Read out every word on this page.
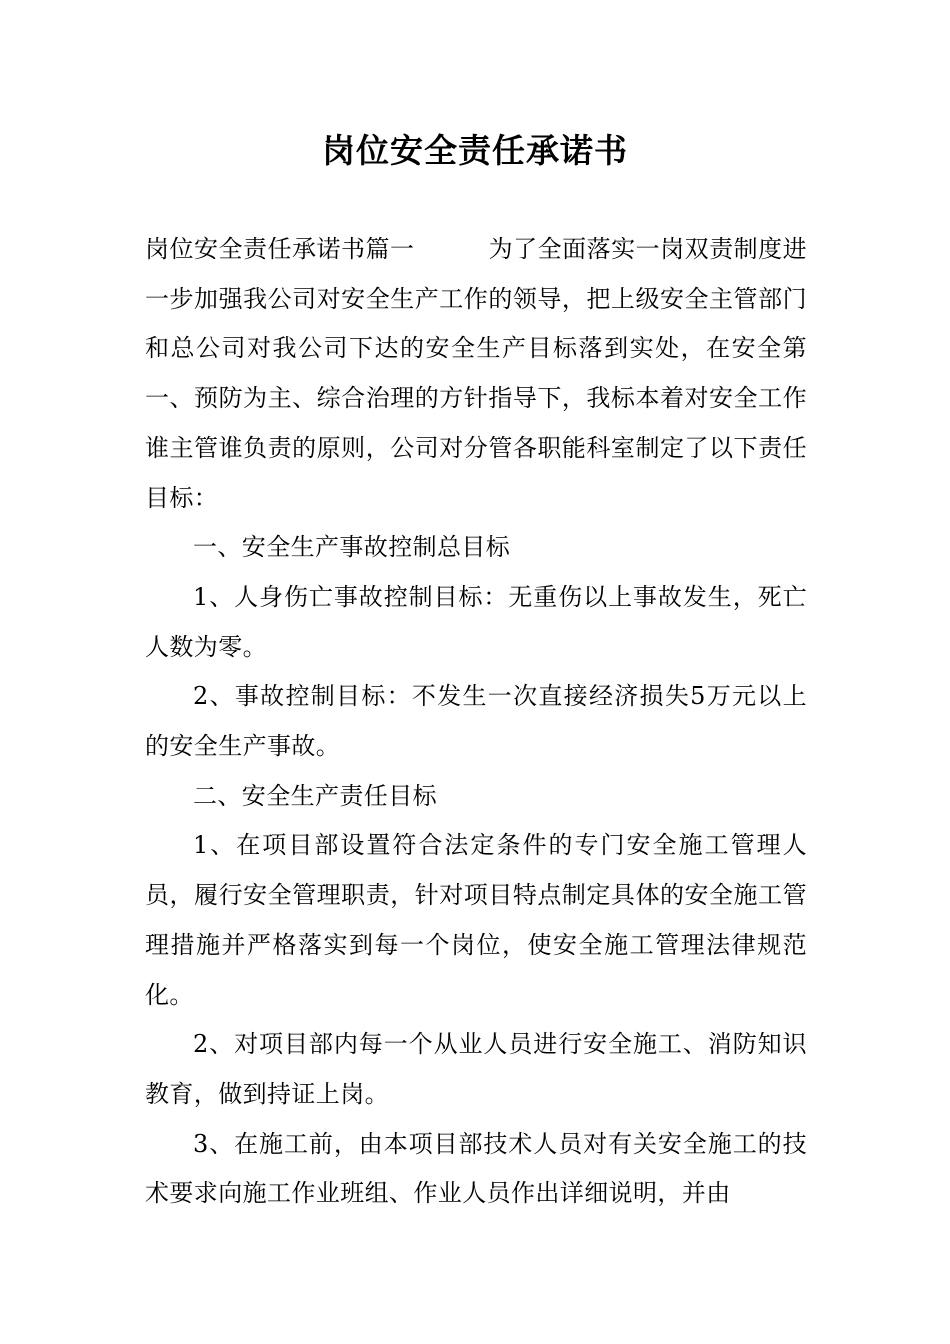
岗位安全责任承诺书

岗位安全责任承诺书篇一	为了全面落实一岗双责制度进一步加强我公司对安全生产工作的领导，把上级安全主管部门和总公司对我公司下达的安全生产目标落到实处，在安全第一、预防为主、综合治理的方针指导下，我标本着对安全工作谁主管谁负责的原则，公司对分管各职能科室制定了以下责任目标：

一、安全生产事故控制总目标

1、人身伤亡事故控制目标：无重伤以上事故发生，死亡人数为零。

2、事故控制目标：不发生一次直接经济损失5万元以上的安全生产事故。

二、安全生产责任目标

1、在项目部设置符合法定条件的专门安全施工管理人员，履行安全管理职责，针对项目特点制定具体的安全施工管理措施并严格落实到每一个岗位，使安全施工管理法律规范化。

2、对项目部内每一个从业人员进行安全施工、消防知识教育，做到持证上岗。

3、在施工前，由本项目部技术人员对有关安全施工的技术要求向施工作业班组、作业人员作出详细说明，并由
